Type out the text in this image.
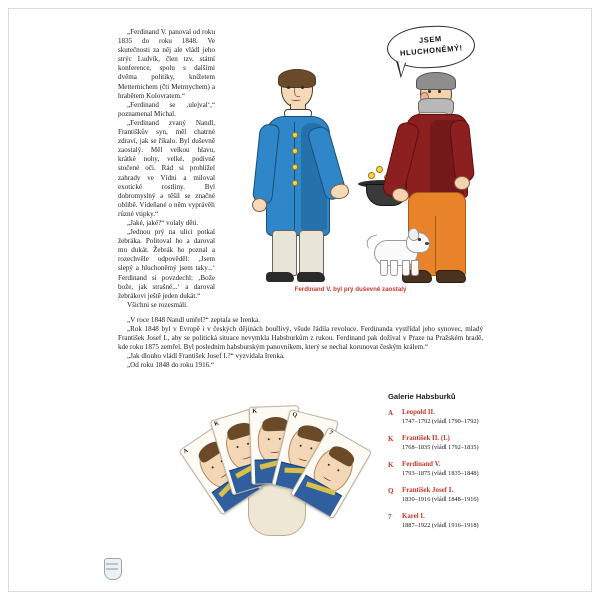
„Ferdinand V. panoval od roku 1835 do roku 1848. Ve skutečnosti za něj ale vládl jeho strýc Ludvík, člen tzv. státní konference, spolu s dalšími dvěma politiky, knížetem Metternichem (čti Metrnychem) a hrabětem Kolovratem.“

„Ferdinand se ‚ulejval‘,“ poznamenal Michal.

„Ferdinand zvaný Nandl, Františkův syn, měl chatrné zdraví, jak se říkalo. Byl duševně zaostalý. Měl velkou hlavu, krátké nohy, velké, podivně stočené oči. Rád si prohlížel zahrady ve Vídni a miloval exotické rostliny. Byl dobromyslný a těšil se značné oblibě. Vídeňané o něm vyprávěli různé vtipky.“

„Jaké, jaké?“ volaly děti.

„Jednou prý na ulici potkal žebráka. Politoval ho a daroval mu dukát. Žebrák ho poznal a rozechvěle odpověděl: ‚Jsem slepý a hluchoněmý jsem taky...‘ Ferdinand si povzdechl: ‚Bože bože, jak strašné...‘ a daroval žebrákovi ještě jeden dukát.“

Všichni se rozesmáli.

„V roce 1848 Nandl umřel?“ zeptala se Irenka.

„Rok 1848 byl v Evropě i v českých dějinách bouřlivý, všude řádila revoluce. Ferdinanda vystřídal jeho synovec, mladý František Josef I., aby se politická situace nevymkla Habsburkům z rukou. Ferdinand pak dožíval v Praze na Pražském hradě, kde roku 1875 zemřel. Byl posledním habsburským panovníkem, který se nechal korunovat českým králem.“

„Jak dlouho vládl František Josef I.?“ vyzvídala Irenka.

„Od roku 1848 do roku 1916.“

JSEM
HLUCHONĚMÝ!
Ferdinand V. byl prý duševně zaostalý
A
K
K
Q
7
Galerie Habsburků
A Leopold II.
1747–1792 (vládl 1790–1792)
K František II. (I.)
1768–1835 (vládl 1792–1835)
K Ferdinand V.
1793–1875 (vládl 1835–1848)
Q František Josef I.
1830–1916 (vládl 1848–1916)
7 Karel I.
1887–1922 (vládl 1916–1918)
